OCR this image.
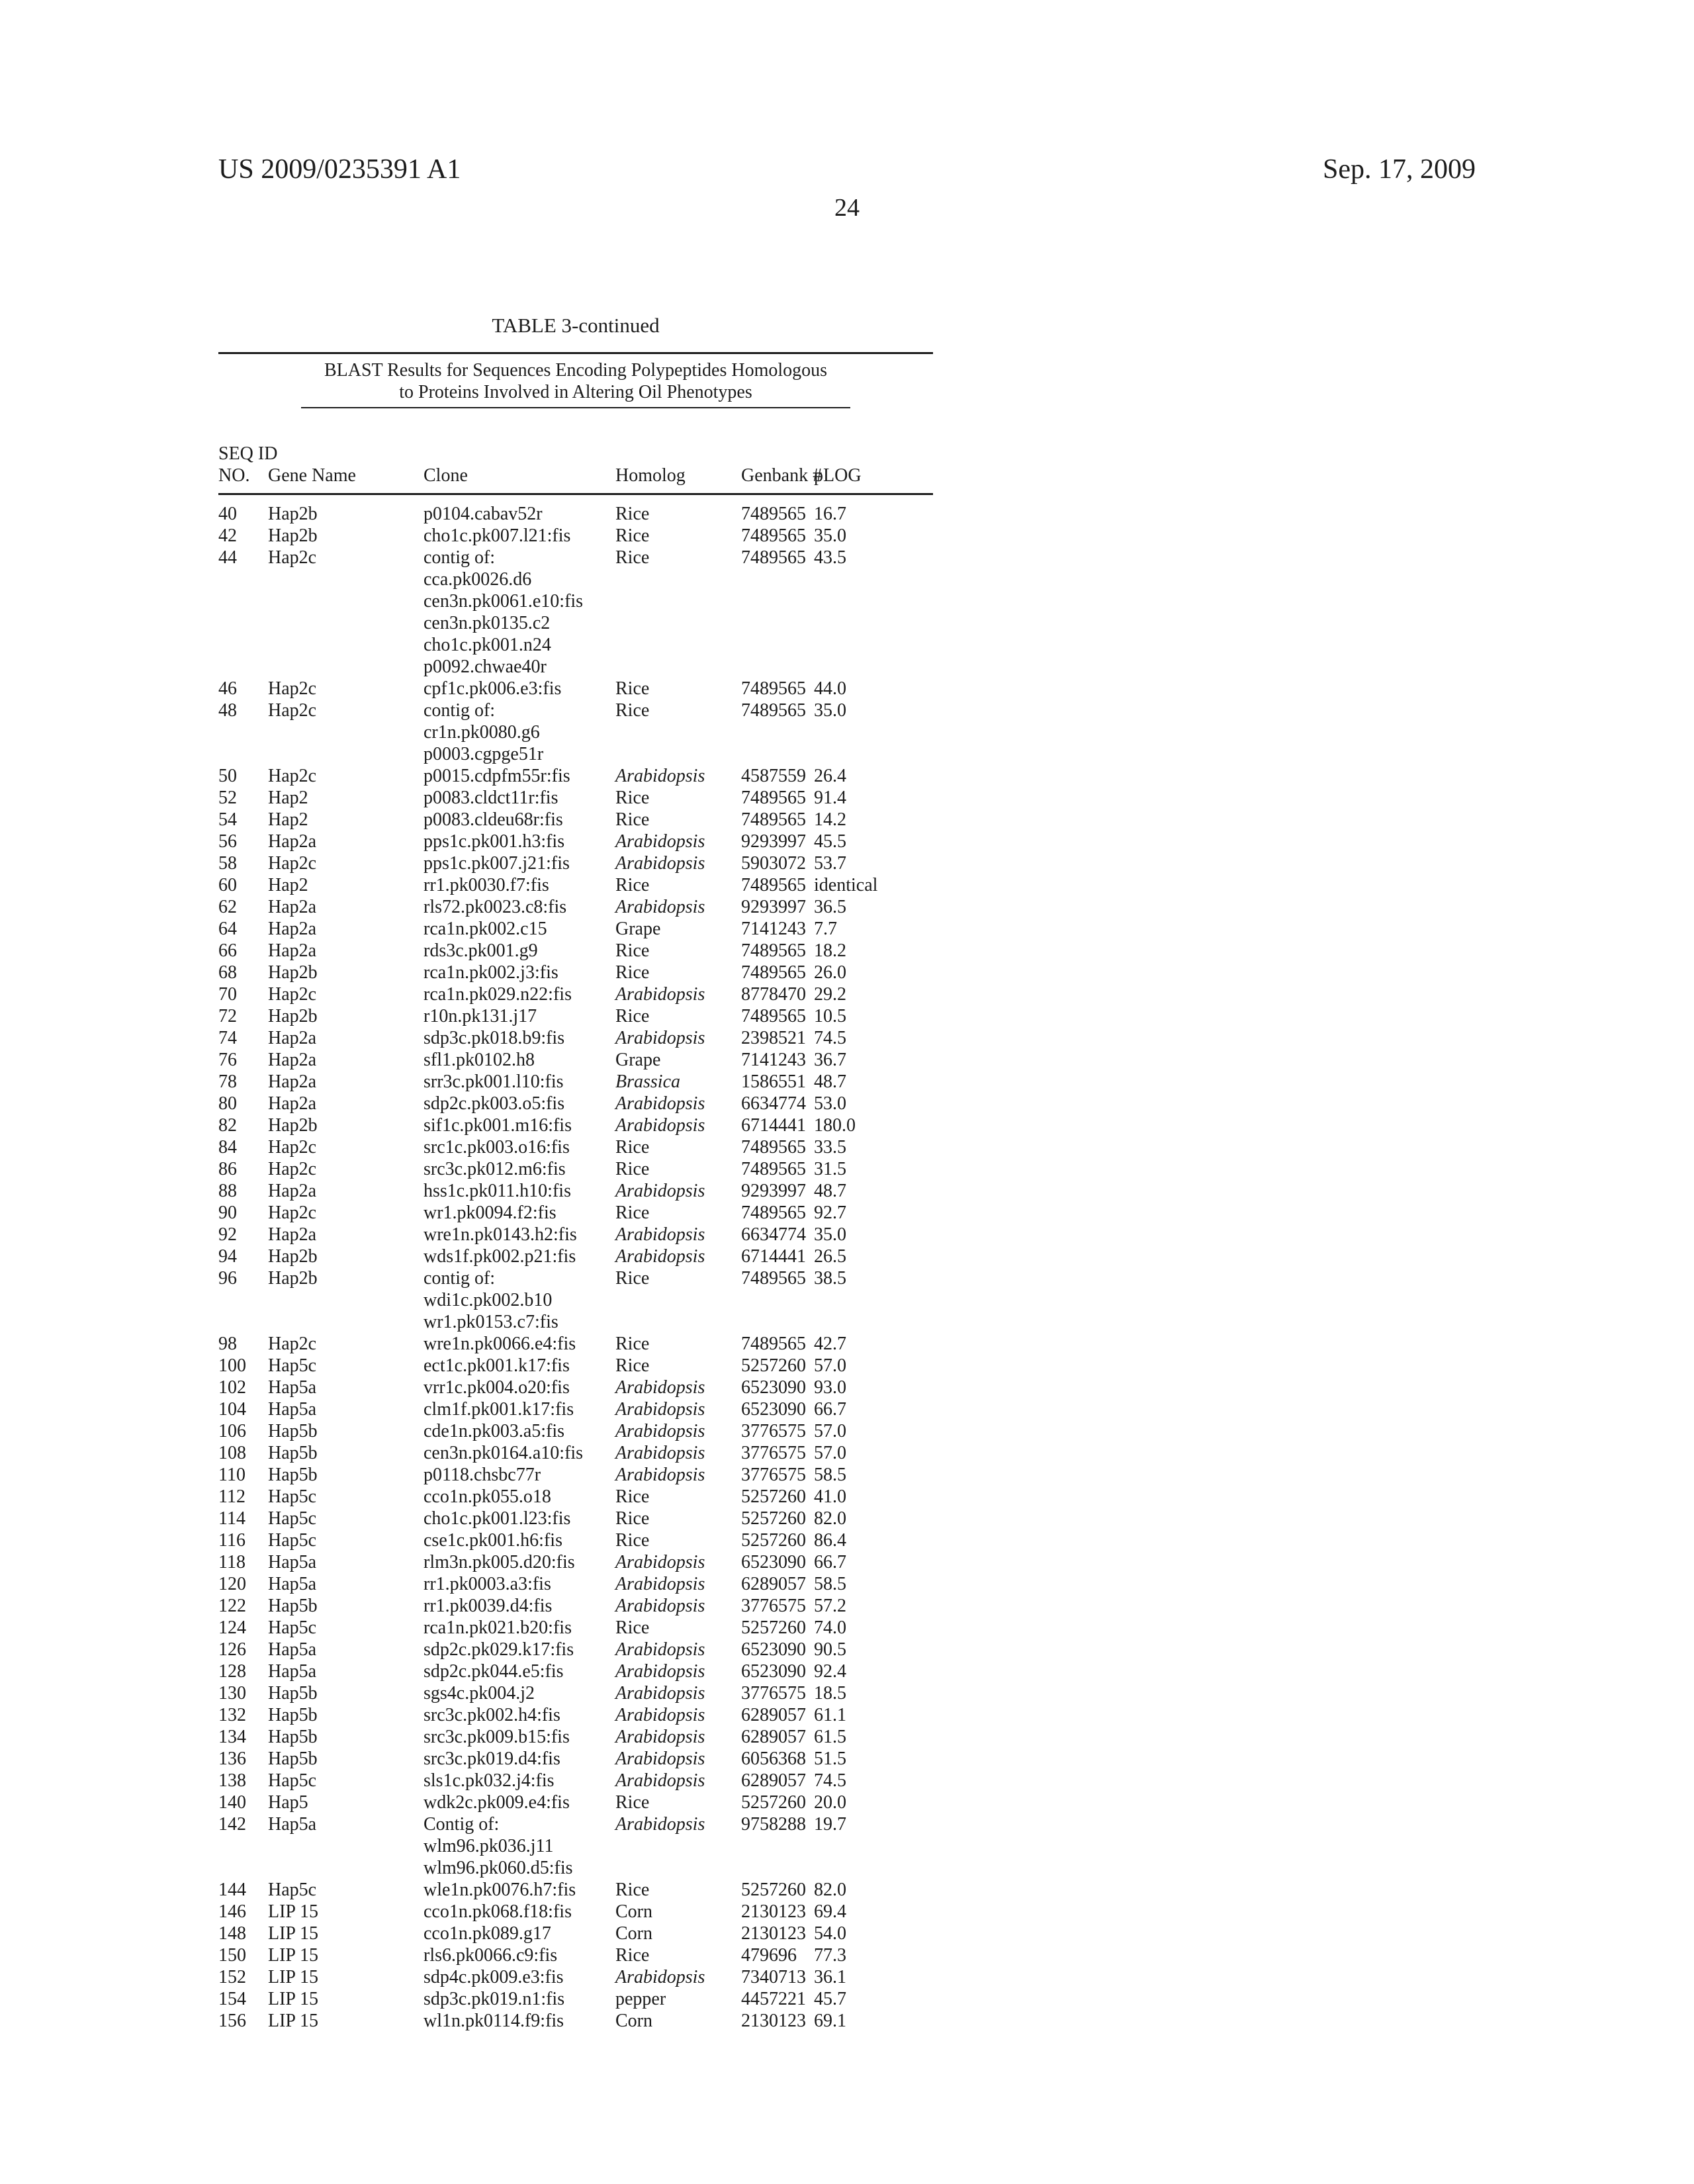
US 2009/0235391 A1	Sep. 17, 2009
24
TABLE 3-continued
BLAST Results for Sequences Encoding Polypeptides Homologous
to Proteins Involved in Altering Oil Phenotypes
SEQ ID					
NO.	Gene Name	Clone	Homolog	Genbank #	pLOG
40	Hap2b	p0104.cabav52r	Rice	7489565	16.7
42	Hap2b	cho1c.pk007.l21:fis	Rice	7489565	35.0
44	Hap2c	contig of:
cca.pk0026.d6
cen3n.pk0061.e10:fis
cen3n.pk0135.c2
cho1c.pk001.n24
p0092.chwae40r
	Rice	7489565	43.5
46	Hap2c	cpf1c.pk006.e3:fis	Rice	7489565	44.0
48	Hap2c	contig of:
cr1n.pk0080.g6
p0003.cgpge51r	Rice	7489565	35.0
50	Hap2c	p0015.cdpfm55r:fis	Arabidopsis	4587559	26.4
52	Hap2	p0083.cldct11r:fis	Rice	7489565	91.4
54	Hap2	p0083.cldeu68r:fis	Rice	7489565	14.2
56	Hap2a	pps1c.pk001.h3:fis	Arabidopsis	9293997	45.5
58	Hap2c	pps1c.pk007.j21:fis	Arabidopsis	5903072	53.7
60	Hap2	rr1.pk0030.f7:fis	Rice	7489565	identical
62	Hap2a	rls72.pk0023.c8:fis	Arabidopsis	9293997	36.5
64	Hap2a	rca1n.pk002.c15	Grape	7141243	7.7
66	Hap2a	rds3c.pk001.g9	Rice	7489565	18.2
68	Hap2b	rca1n.pk002.j3:fis	Rice	7489565	26.0
70	Hap2c	rca1n.pk029.n22:fis	Arabidopsis	8778470	29.2
72	Hap2b	r10n.pk131.j17	Rice	7489565	10.5
74	Hap2a	sdp3c.pk018.b9:fis	Arabidopsis	2398521	74.5
76	Hap2a	sfl1.pk0102.h8	Grape	7141243	36.7
78	Hap2a	srr3c.pk001.l10:fis	Brassica	1586551	48.7
80	Hap2a	sdp2c.pk003.o5:fis	Arabidopsis	6634774	53.0
82	Hap2b	sif1c.pk001.m16:fis	Arabidopsis	6714441	180.0
84	Hap2c	src1c.pk003.o16:fis	Rice	7489565	33.5
86	Hap2c	src3c.pk012.m6:fis	Rice	7489565	31.5
88	Hap2a	hss1c.pk011.h10:fis	Arabidopsis	9293997	48.7
90	Hap2c	wr1.pk0094.f2:fis	Rice	7489565	92.7
92	Hap2a	wre1n.pk0143.h2:fis	Arabidopsis	6634774	35.0
94	Hap2b	wds1f.pk002.p21:fis	Arabidopsis	6714441	26.5
96	Hap2b	contig of:
wdi1c.pk002.b10
wr1.pk0153.c7:fis	Rice	7489565	38.5
98	Hap2c	wre1n.pk0066.e4:fis	Rice	7489565	42.7
100	Hap5c	ect1c.pk001.k17:fis	Rice	5257260	57.0
102	Hap5a	vrr1c.pk004.o20:fis	Arabidopsis	6523090	93.0
104	Hap5a	clm1f.pk001.k17:fis	Arabidopsis	6523090	66.7
106	Hap5b	cde1n.pk003.a5:fis	Arabidopsis	3776575	57.0
108	Hap5b	cen3n.pk0164.a10:fis	Arabidopsis	3776575	57.0
110	Hap5b	p0118.chsbc77r	Arabidopsis	3776575	58.5
112	Hap5c	cco1n.pk055.o18	Rice	5257260	41.0
114	Hap5c	cho1c.pk001.l23:fis	Rice	5257260	82.0
116	Hap5c	cse1c.pk001.h6:fis	Rice	5257260	86.4
118	Hap5a	rlm3n.pk005.d20:fis	Arabidopsis	6523090	66.7
120	Hap5a	rr1.pk0003.a3:fis	Arabidopsis	6289057	58.5
122	Hap5b	rr1.pk0039.d4:fis	Arabidopsis	3776575	57.2
124	Hap5c	rca1n.pk021.b20:fis	Rice	5257260	74.0
126	Hap5a	sdp2c.pk029.k17:fis	Arabidopsis	6523090	90.5
128	Hap5a	sdp2c.pk044.e5:fis	Arabidopsis	6523090	92.4
130	Hap5b	sgs4c.pk004.j2	Arabidopsis	3776575	18.5
132	Hap5b	src3c.pk002.h4:fis	Arabidopsis	6289057	61.1
134	Hap5b	src3c.pk009.b15:fis	Arabidopsis	6289057	61.5
136	Hap5b	src3c.pk019.d4:fis	Arabidopsis	6056368	51.5
138	Hap5c	sls1c.pk032.j4:fis	Arabidopsis	6289057	74.5
140	Hap5	wdk2c.pk009.e4:fis	Rice	5257260	20.0
142	Hap5a	Contig of:
wlm96.pk036.j11
wlm96.pk060.d5:fis	Arabidopsis	9758288	19.7
144	Hap5c	wle1n.pk0076.h7:fis	Rice	5257260	82.0
146	LIP 15	cco1n.pk068.f18:fis	Corn	2130123	69.4
148	LIP 15	cco1n.pk089.g17	Corn	2130123	54.0
150	LIP 15	rls6.pk0066.c9:fis	Rice	479696	77.3
152	LIP 15	sdp4c.pk009.e3:fis	Arabidopsis	7340713	36.1
154	LIP 15	sdp3c.pk019.n1:fis	pepper	4457221	45.7
156	LIP 15	wl1n.pk0114.f9:fis	Corn	2130123	69.1
